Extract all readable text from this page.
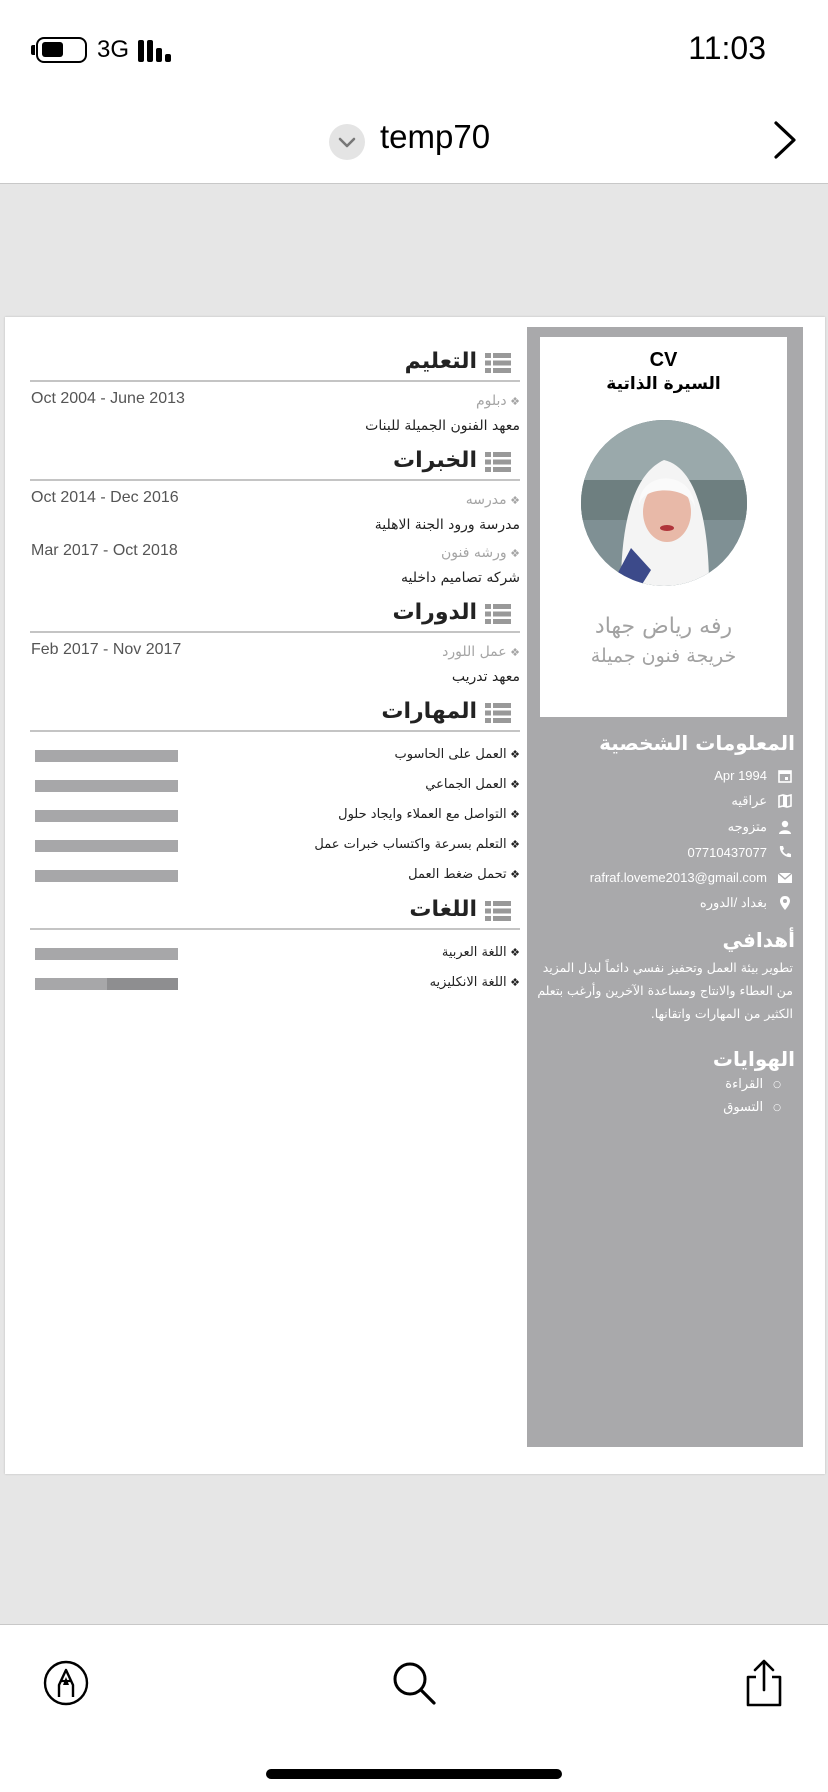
3G	11:03
temp70
CV
السيرة الذاتية
رفه رياض جهاد
خريجة فنون جميلة
المعلومات الشخصية
Apr 1994
عراقيه
متزوجه
07710437077
rafraf.loveme2013@gmail.com
بغداد /الدوره
أهدافي
تطوير بيئة العمل وتحفيز نفسي دائماً لبذل المزيد من العطاء والانتاج ومساعدة الآخرين وأرغب بتعلم الكثير من المهارات واتقانها.
الهوايات
○ القراءة
○ التسوق
التعليم
❖ دبلوم
Oct 2004 - June 2013
معهد الفنون الجميلة للبنات
الخبرات
❖ مدرسه
Oct 2014 - Dec 2016
مدرسة ورود الجنة الاهلية
❖ ورشه فنون
Mar 2017 - Oct 2018
شركه تصاميم داخليه
الدورات
❖ عمل اللورد
Feb 2017 - Nov 2017
معهد تدريب
المهارات
❖ العمل على الحاسوب
❖ العمل الجماعي
❖ التواصل مع العملاء وايجاد حلول
❖ التعلم بسرعة واكتساب خبرات عمل
❖ تحمل ضغط العمل
اللغات
❖ اللغة العربية
❖ اللغة الانكليزيه
